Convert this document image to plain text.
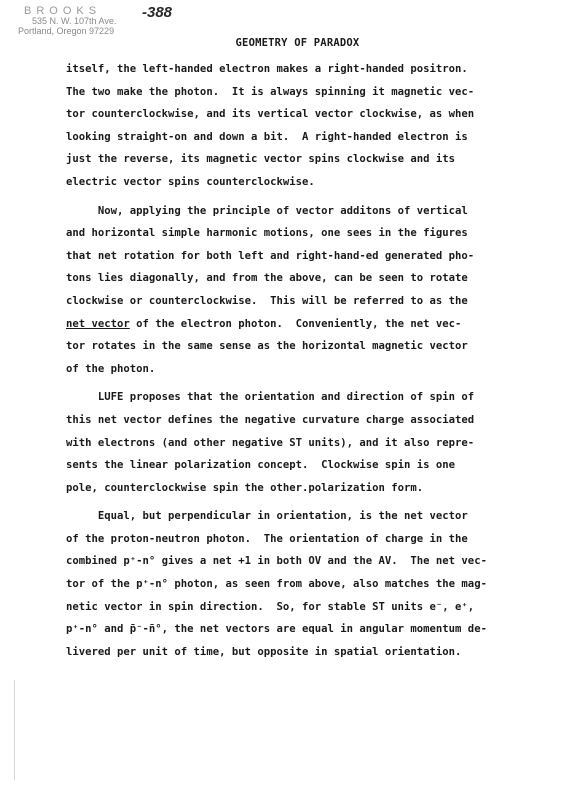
BROOKS
535 N. W. 107th Ave.
Portland, Oregon 97229
-388
GEOMETRY OF PARADOX
itself, the left-handed electron makes a right-handed positron.
The two make the photon.  It is always spinning it magnetic vec-
tor counterclockwise, and its vertical vector clockwise, as when
looking straight-on and down a bit.  A right-handed electron is
just the reverse, its magnetic vector spins clockwise and its
electric vector spins counterclockwise.
Now, applying the principle of vector additons of vertical
and horizontal simple harmonic motions, one sees in the figures
that net rotation for both left and right-hand-ed generated pho-
tons lies diagonally, and from the above, can be seen to rotate
clockwise or counterclockwise.  This will be referred to as the
net vector of the electron photon.  Conveniently, the net vec-
tor rotates in the same sense as the horizontal magnetic vector
of the photon.
LUFE proposes that the orientation and direction of spin of
this net vector defines the negative curvature charge associated
with electrons (and other negative ST units), and it also repre-
sents the linear polarization concept.  Clockwise spin is one
pole, counterclockwise spin the other.polarization form.
Equal, but perpendicular in orientation, is the net vector
of the proton-neutron photon.  The orientation of charge in the
combined p⁺-n° gives a net +1 in both OV and the AV.  The net vec-
tor of the p⁺-n° photon, as seen from above, also matches the mag-
netic vector in spin direction.  So, for stable ST units e⁻, e⁺,
p⁺-n° and p̄⁻-n̄°, the net vectors are equal in angular momentum de-
livered per unit of time, but opposite in spatial orientation.
